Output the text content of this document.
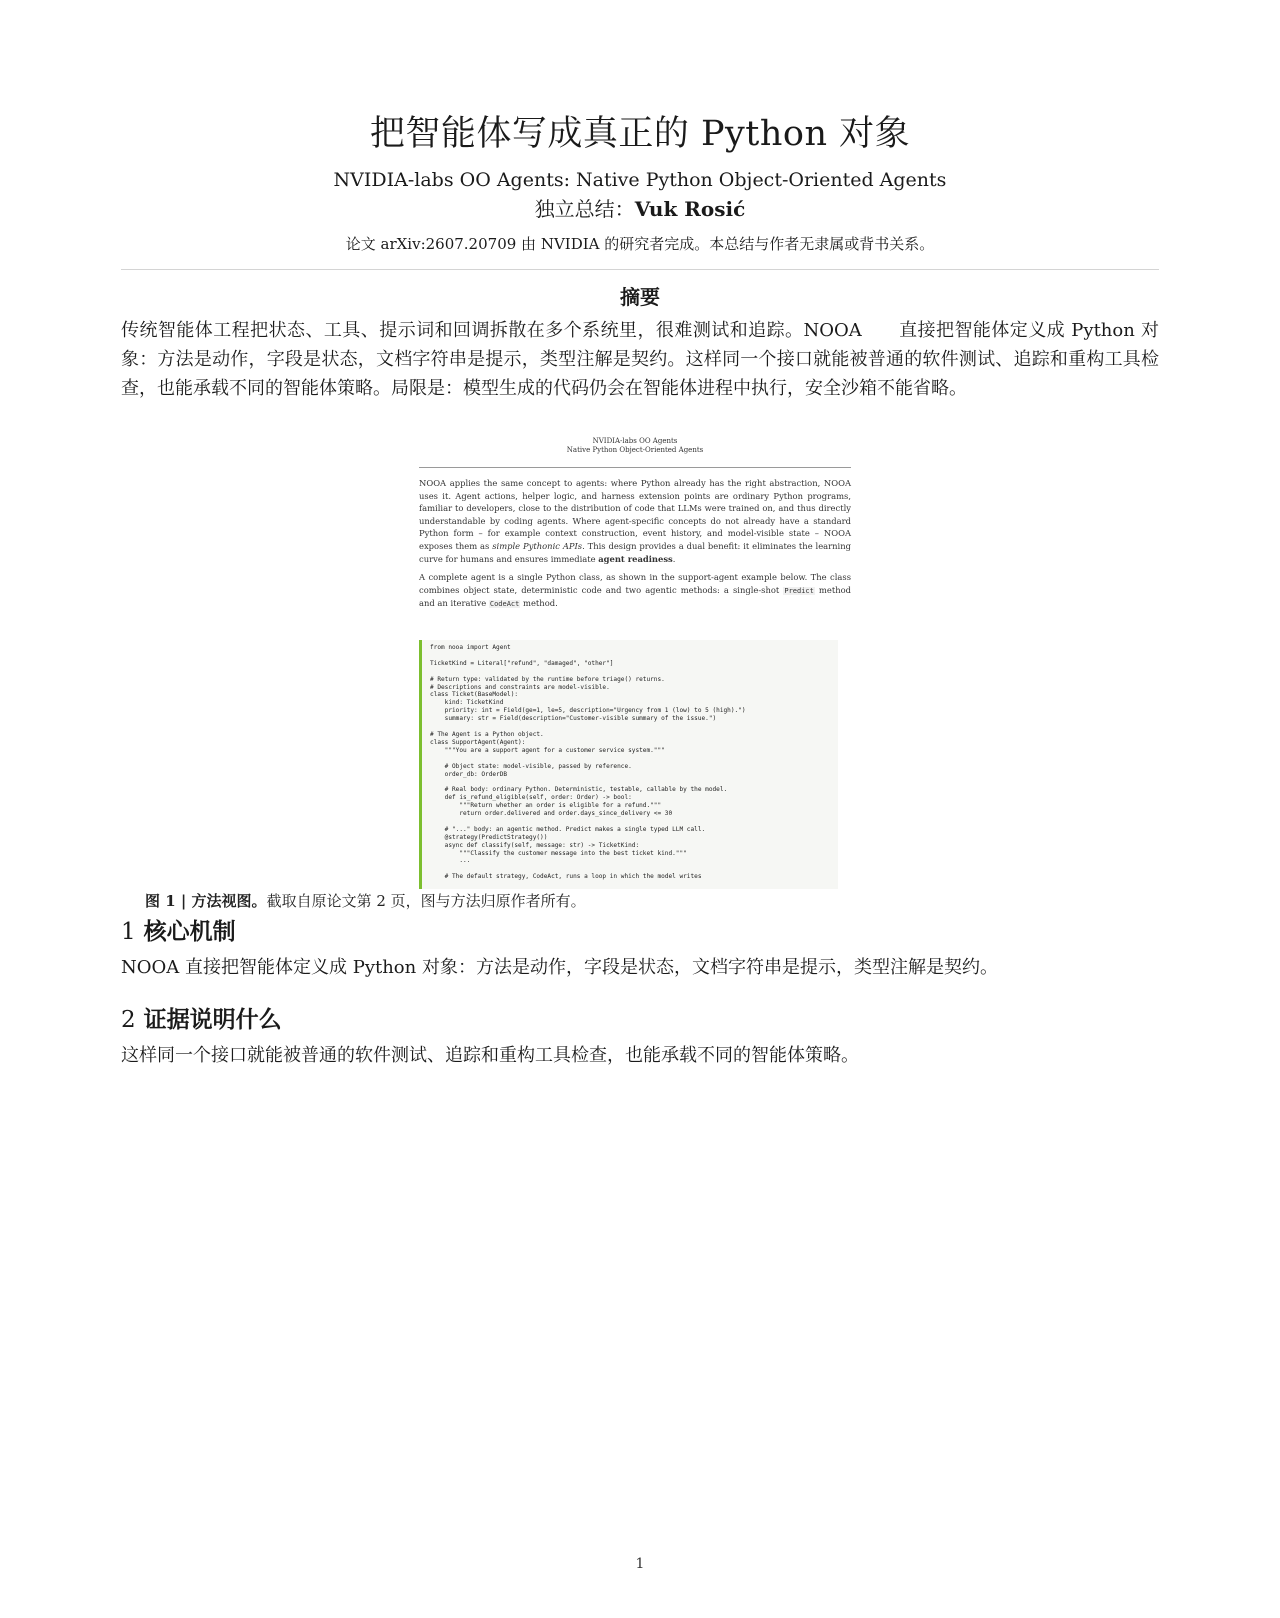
把智能体写成真正的 Python 对象
NVIDIA-labs OO Agents: Native Python Object-Oriented Agents
独立总结：Vuk Rosić
论文 arXiv:2607.20709 由 NVIDIA 的研究者完成。本总结与作者无隶属或背书关系。
摘要
传统智能体工程把状态、工具、提示词和回调拆散在多个系统里，很难测试和追踪。NOOA　　直接把智能体定义成 Python 对象：方法是动作，字段是状态，文档字符串是提示，类型注解是契约。这样同一个接口就能被普通的软件测试、追踪和重构工具检查，也能承载不同的智能体策略。局限是：模型生成的代码仍会在智能体进程中执行，安全沙箱不能省略。
NVIDIA-labs OO Agents
Native Python Object-Oriented Agents
NOOA applies the same concept to agents: where Python already has the right abstraction, NOOA uses it. Agent actions, helper logic, and harness extension points are ordinary Python programs, familiar to developers, close to the distribution of code that LLMs were trained on, and thus directly understandable by coding agents. Where agent-specific concepts do not already have a standard Python form – for example context construction, event history, and model-visible state – NOOA exposes them as simple Pythonic APIs. This design provides a dual benefit: it eliminates the learning curve for humans and ensures immediate agent readiness.
A complete agent is a single Python class, as shown in the support-agent example below. The class combines object state, deterministic code and two agentic methods: a single-shot Predict method and an iterative CodeAct method.
from nooa import Agent

TicketKind = Literal["refund", "damaged", "other"]

# Return type: validated by the runtime before triage() returns.
# Descriptions and constraints are model-visible.
class Ticket(BaseModel):
kind: TicketKind
priority: int = Field(ge=1, le=5, description="Urgency from 1 (low) to 5 (high).")
summary: str = Field(description="Customer-visible summary of the issue.")

# The Agent is a Python object.
class SupportAgent(Agent):
"""You are a support agent for a customer service system."""

# Object state: model-visible, passed by reference.
order_db: OrderDB

# Real body: ordinary Python. Deterministic, testable, callable by the model.
def is_refund_eligible(self, order: Order) -> bool:
"""Return whether an order is eligible for a refund."""
return order.delivered and order.days_since_delivery <= 30

# "..." body: an agentic method. Predict makes a single typed LLM call.
@strategy(PredictStrategy())
async def classify(self, message: str) -> TicketKind:
"""Classify the customer message into the best ticket kind."""
...

# The default strategy, CodeAct, runs a loop in which the model writes
图 1 | 方法视图。截取自原论文第 2 页，图与方法归原作者所有。
1 核心机制
NOOA 直接把智能体定义成 Python 对象：方法是动作，字段是状态，文档字符串是提示，类型注解是契约。
2 证据说明什么
这样同一个接口就能被普通的软件测试、追踪和重构工具检查，也能承载不同的智能体策略。
1
